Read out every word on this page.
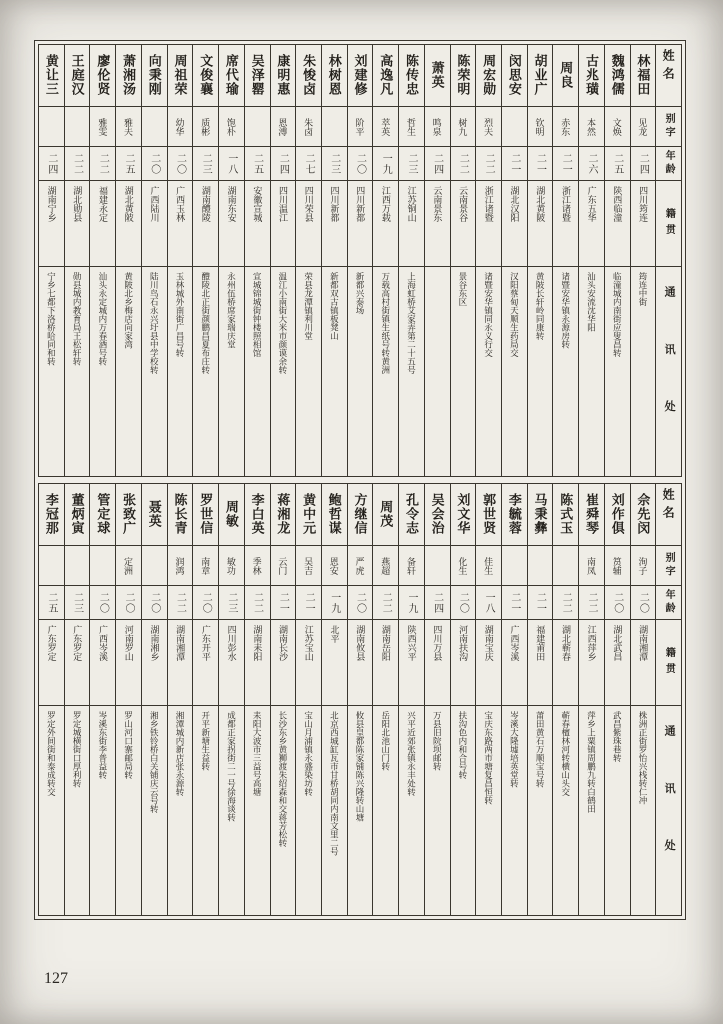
姓名
别字
年龄
籍贯
通讯处
林福田
见龙
二四
四川筠连
筠连中街
魏鸿儒
文焕
二五
陕西临潼
临潼城内南街应叟昌转
古兆璜
本然
二六
广东五华
汕头安流沈华阳
周良
赤东
二一
浙江诸暨
诸暨安华镇永源房转
胡业广
钦明
二一
湖北黄陂
黄陂长轩岭同康转
闵思安
二一
湖北汉阳
汉阳蔡甸天顺生药局交
周宏勋
烈夫
二二
浙江诸暨
诸暨安华镇同永义行交
陈荣明
树九
二二
云南景谷
景谷东区
萧英
鸣泉
二四
云南景东
陈传忠
哲生
二三
江苏铜山
上海虹桥艾家弄第二十五号
高逸凡
萃英
一九
江西万载
万载高村街镇生纸号转黄洲
刘建修
阶平
二〇
四川新都
新都兴泰场
林树恩
二三
四川新都
新都双古镇板凳山
朱悛卤
朱卤
二七
四川荣县
荣县龙潭镇利川堂
康明惠
恩溥
二四
四川温江
温江小南街大米市颜谟余转
吴泽罂
二五
安徽宣城
宣城锦城街钟楼照相馆
席代瑜
饱朴
一八
湖南东安
永州伍桥席家瑞庆堂
文俊襄
质彬
二三
湖南醴陵
醴陵北正街颜鹏昌夏布庄转
周祖荣
幼华
二〇
广西玉林
玉林城外南街广昌号转
向秉刚
二〇
广西陆川
陆川鸟石永兴圩县中学校转
萧湘汤
雅夫
二五
湖北黄陂
黄陂北乡梅店向家湾
廖伦贤
雅雯
二二
福建永定
汕头永定城内万春酒号转
王庭汉
二二
湖北勋县
勋县城内教育局王松轩转
黄让三
二四
湖南宁乡
宁乡七都下洛桥哈同和转
姓名
别字
年龄
籍贯
通讯处
佘先闵
洵子
二〇
湖南湘潭
株洲正街罗怡兴栈转仁冲
刘作俱
筼辅
二〇
湖北武昌
武昌紫珠巷转
崔舜琴
南凤
二二
江西萍乡
萍乡上粟镇周鹏九转白鹤田
陈式玉
二二
湖北蕲春
蕲春檀林河转横山头交
马秉彝
二一
福建莆田
莆田黄石万顺宝号转
李毓蓉
二一
广西岑溪
岑溪大隆墟培英堂转
郭世贤
佳生
一八
湖南宝庆
宝庆东路两市塘复昌恒转
刘文华
化生
二〇
河南扶沟
扶沟色内和合号转
吴会治
二四
四川万县
万县旧院坝邮转
孔令志
备轩
一九
陕西兴平
兴平近郊张镇永丰处转
周茂
燕超
二二
湖南岳阳
岳阳北池山门转
方继信
严虎
二〇
湖南攸县
攸县皇都陈家铺陈兴隆转山塘
鲍哲谋
恩安
一九
北平
北京西城缸瓦市甘桥胡同内南文里二号
黄中元
吴吉
二一
江苏宝山
宝山月浦镇永盛染坊转
蒋湘龙
云门
二一
湖南长沙
长沙东乡黄狮渡朱绍森和交蒋芳松转
李白英
季林
二二
湖南耒阳
耒阳大波市三益号高塘
周敏
敏功
二三
四川彭水
成都正家拐街二一号徐海谈转
罗世信
南章
二〇
广东开平
开平新塘生益转
陈长青
润鸿
二二
湖南湘潭
湘潭城内新店张永源转
聂英
二〇
湖南湘乡
湘乡铁铃桥白关铺庆云号转
张致广
定洲
二〇
河南罗山
罗山河口寨邮局转
管定球
二〇
广西岑溪
岑溪东街李普益转
董炳寅
二三
广东罗定
罗定城横街口厚利转
李冠那
二五
广东罗定
罗定外间街和泰成转交
127
